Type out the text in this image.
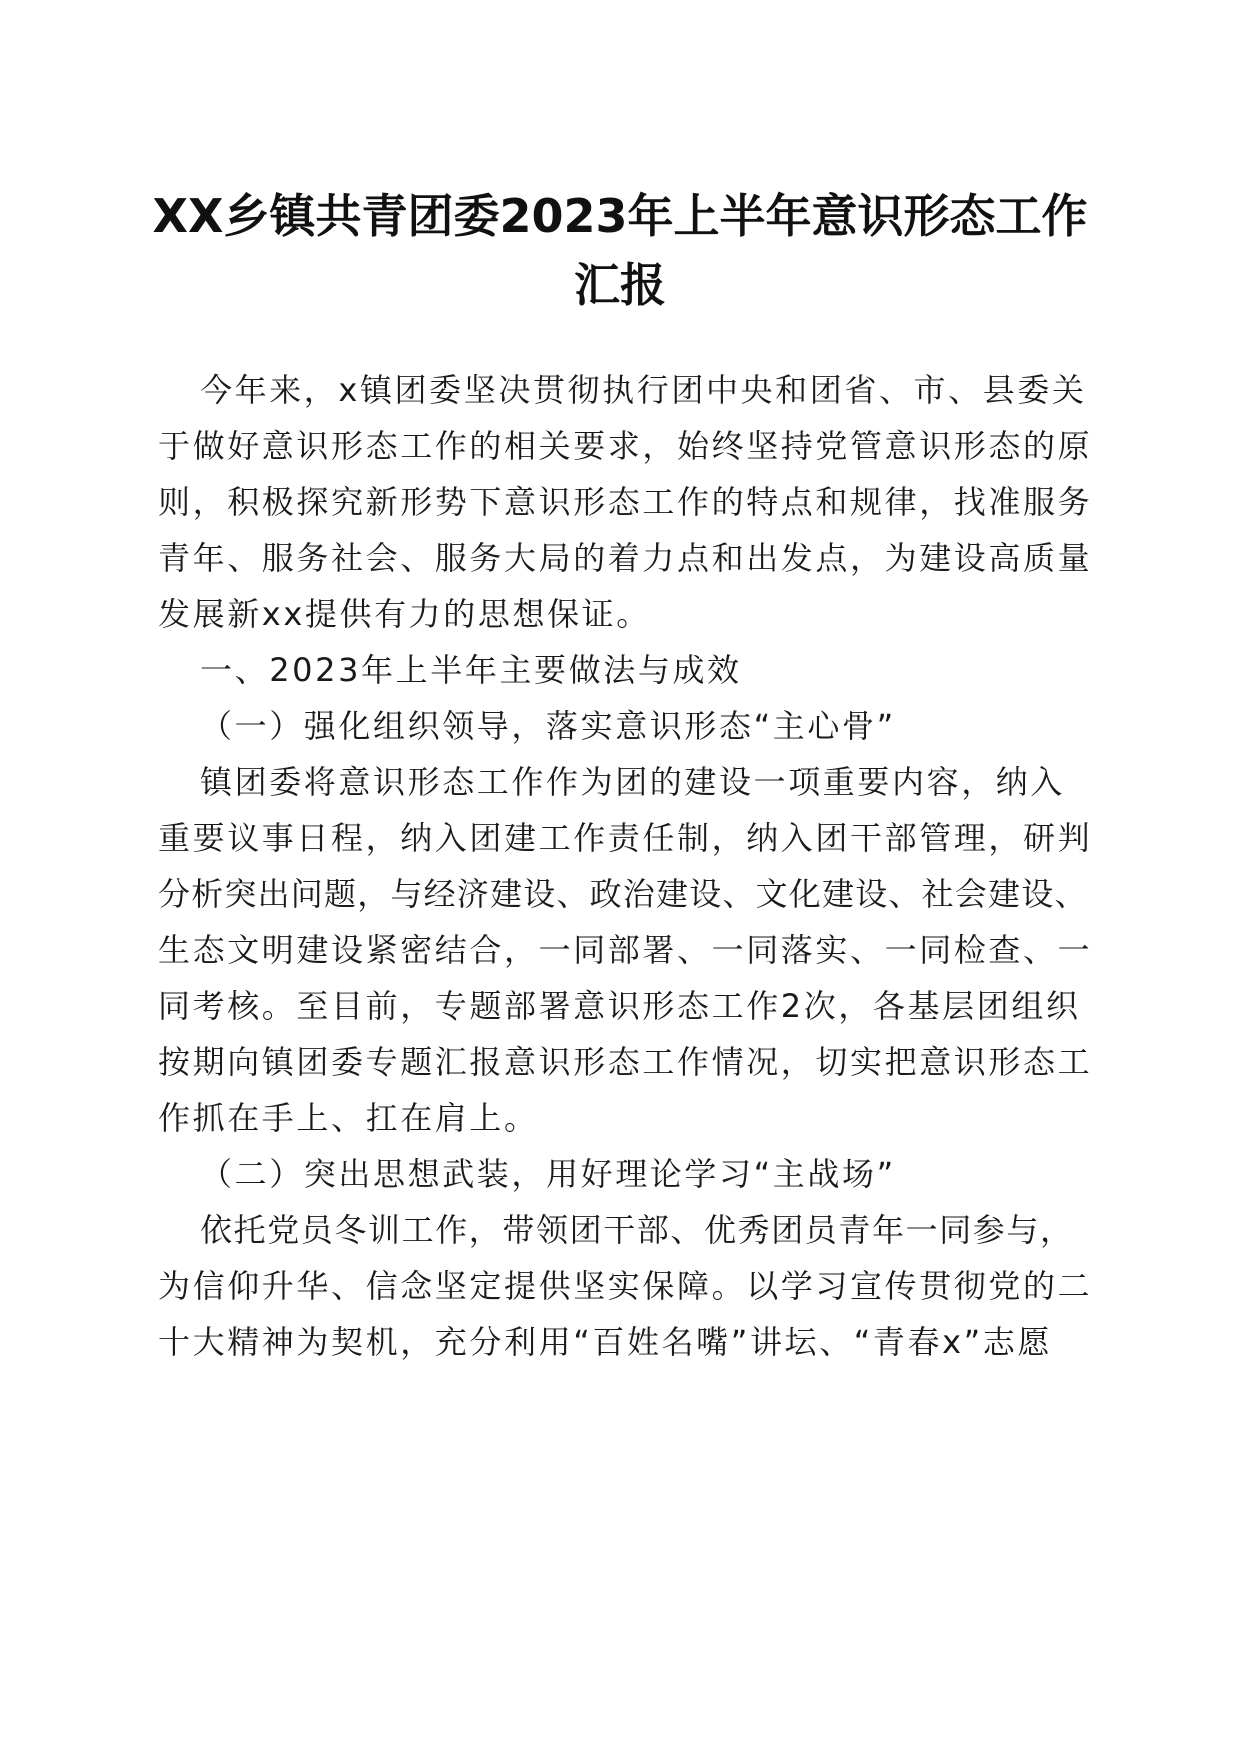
XX乡镇共青团委2023年上半年意识形态工作
汇报
今年来，x镇团委坚决贯彻执行团中央和团省、市、县委关
于做好意识形态工作的相关要求，始终坚持党管意识形态的原
则，积极探究新形势下意识形态工作的特点和规律，找准服务
青年、服务社会、服务大局的着力点和出发点，为建设高质量
发展新xx提供有力的思想保证。
一、2023年上半年主要做法与成效
（一）强化组织领导，落实意识形态“主心骨”
镇团委将意识形态工作作为团的建设一项重要内容，纳入
重要议事日程，纳入团建工作责任制，纳入团干部管理，研判
分析突出问题，与经济建设、政治建设、文化建设、社会建设、
生态文明建设紧密结合，一同部署、一同落实、一同检查、一
同考核。至目前，专题部署意识形态工作2次，各基层团组织
按期向镇团委专题汇报意识形态工作情况，切实把意识形态工
作抓在手上、扛在肩上。
（二）突出思想武装，用好理论学习“主战场”
依托党员冬训工作，带领团干部、优秀团员青年一同参与，
为信仰升华、信念坚定提供坚实保障。以学习宣传贯彻党的二
十大精神为契机，充分利用“百姓名嘴”讲坛、“青春x”志愿
